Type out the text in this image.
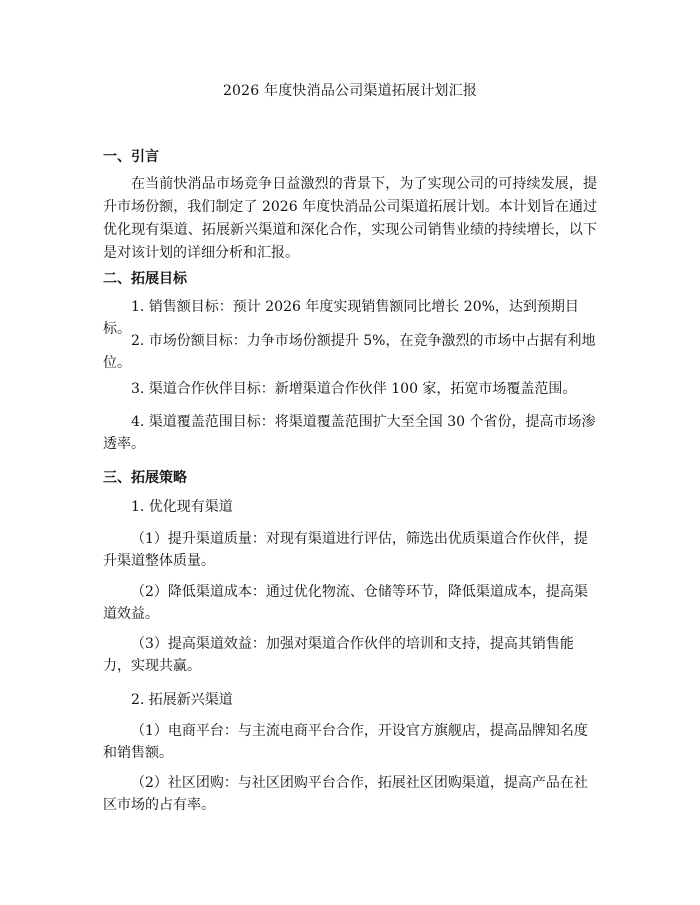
2026 年度快消品公司渠道拓展计划汇报
一、引言
在当前快消品市场竞争日益激烈的背景下，为了实现公司的可持续发展，提升市场份额，我们制定了 2026 年度快消品公司渠道拓展计划。本计划旨在通过优化现有渠道、拓展新兴渠道和深化合作，实现公司销售业绩的持续增长，以下是对该计划的详细分析和汇报。
二、拓展目标
1. 销售额目标：预计 2026 年度实现销售额同比增长 20%，达到预期目标。
2. 市场份额目标：力争市场份额提升 5%，在竞争激烈的市场中占据有利地位。
3. 渠道合作伙伴目标：新增渠道合作伙伴 100 家，拓宽市场覆盖范围。
4. 渠道覆盖范围目标：将渠道覆盖范围扩大至全国 30 个省份，提高市场渗透率。
三、拓展策略
1. 优化现有渠道
（1）提升渠道质量：对现有渠道进行评估，筛选出优质渠道合作伙伴，提升渠道整体质量。
（2）降低渠道成本：通过优化物流、仓储等环节，降低渠道成本，提高渠道效益。
（3）提高渠道效益：加强对渠道合作伙伴的培训和支持，提高其销售能力，实现共赢。
2. 拓展新兴渠道
（1）电商平台：与主流电商平台合作，开设官方旗舰店，提高品牌知名度和销售额。
（2）社区团购：与社区团购平台合作，拓展社区团购渠道，提高产品在社区市场的占有率。
